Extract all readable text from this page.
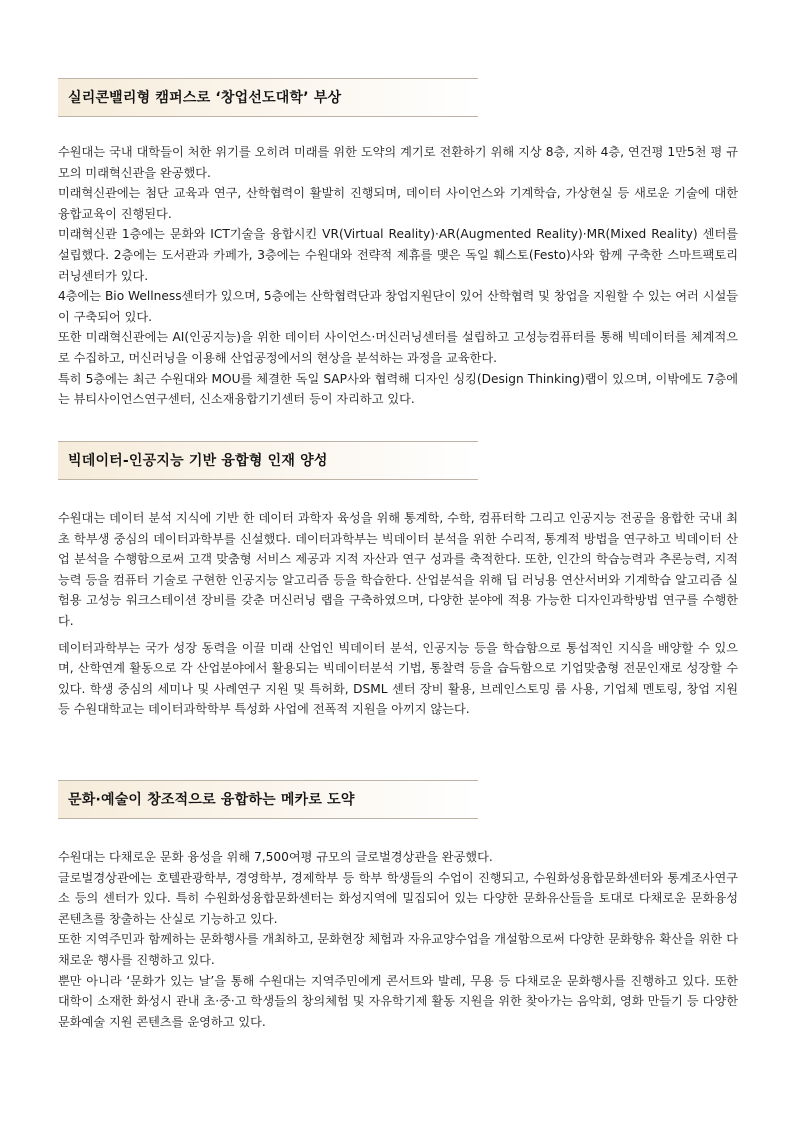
실리콘밸리형 캠퍼스로 ‘창업선도대학’ 부상

수원대는 국내 대학들이 처한 위기를 오히려 미래를 위한 도약의 계기로 전환하기 위해 지상 8층, 지하 4층, 연건평 1만5천 평 규모의 미래혁신관을 완공했다.

미래혁신관에는 첨단 교육과 연구, 산학협력이 활발히 진행되며, 데이터 사이언스와 기계학습, 가상현실 등 새로운 기술에 대한 융합교육이 진행된다.

미래혁신관 1층에는 문화와 ICT기술을 융합시킨 VR(Virtual Reality)·AR(Augmented Reality)·MR(Mixed Reality) 센터를 설립했다. 2층에는 도서관과 카페가, 3층에는 수원대와 전략적 제휴를 맺은 독일 훼스토(Festo)사와 함께 구축한 스마트팩토리러닝센터가 있다.

4층에는 Bio Wellness센터가 있으며, 5층에는 산학협력단과 창업지원단이 있어 산학협력 및 창업을 지원할 수 있는 여러 시설들이 구축되어 있다.

또한 미래혁신관에는 AI(인공지능)을 위한 데이터 사이언스·머신러닝센터를 설립하고 고성능컴퓨터를 통해 빅데이터를 체계적으로 수집하고, 머신러닝을 이용해 산업공정에서의 현상을 분석하는 과정을 교육한다.

특히 5층에는 최근 수원대와 MOU를 체결한 독일 SAP사와 협력해 디자인 싱킹(Design Thinking)랩이 있으며, 이밖에도 7층에는 뷰티사이언스연구센터, 신소재융합기기센터 등이 자리하고 있다.

빅데이터-인공지능 기반 융합형 인재 양성

수원대는 데이터 분석 지식에 기반 한 데이터 과학자 육성을 위해 통계학, 수학, 컴퓨터학 그리고 인공지능 전공을 융합한 국내 최초 학부생 중심의 데이터과학부를 신설했다. 데이터과학부는 빅데이터 분석을 위한 수리적, 통계적 방법을 연구하고 빅데이터 산업 분석을 수행함으로써 고객 맞춤형 서비스 제공과 지적 자산과 연구 성과를 축적한다. 또한, 인간의 학습능력과 추론능력, 지적능력 등을 컴퓨터 기술로 구현한 인공지능 알고리즘 등을 학습한다. 산업분석을 위해 딥 러닝용 연산서버와 기계학습 알고리즘 실험용 고성능 워크스테이션 장비를 갖춘 머신러닝 랩을 구축하였으며, 다양한 분야에 적용 가능한 디자인과학방법 연구를 수행한다.

데이터과학부는 국가 성장 동력을 이끌 미래 산업인 빅데이터 분석, 인공지능 등을 학습함으로 통섭적인 지식을 배양할 수 있으며, 산학연계 활동으로 각 산업분야에서 활용되는 빅데이터분석 기법, 통찰력 등을 습득함으로 기업맞춤형 전문인재로 성장할 수 있다. 학생 중심의 세미나 및 사례연구 지원 및 특허화, DSML 센터 장비 활용, 브레인스토밍 룸 사용, 기업체 멘토링, 창업 지원 등 수원대학교는 데이터과학학부 특성화 사업에 전폭적 지원을 아끼지 않는다.

문화·예술이 창조적으로 융합하는 메카로 도약

수원대는 다채로운 문화 융성을 위해 7,500여평 규모의 글로벌경상관을 완공했다.

글로벌경상관에는 호텔관광학부, 경영학부, 경제학부 등 학부 학생들의 수업이 진행되고, 수원화성융합문화센터와 통계조사연구소 등의 센터가 있다. 특히 수원화성융합문화센터는 화성지역에 밀집되어 있는 다양한 문화유산들을 토대로 다채로운 문화융성 콘텐츠를 창출하는 산실로 기능하고 있다.

또한 지역주민과 함께하는 문화행사를 개최하고, 문화현장 체험과 자유교양수업을 개설함으로써 다양한 문화향유 확산을 위한 다채로운 행사를 진행하고 있다.

뿐만 아니라 ‘문화가 있는 날’을 통해 수원대는 지역주민에게 콘서트와 발레, 무용 등 다채로운 문화행사를 진행하고 있다. 또한 대학이 소재한 화성시 관내 초·중·고 학생들의 창의체험 및 자유학기제 활동 지원을 위한 찾아가는 음악회, 영화 만들기 등 다양한 문화예술 지원 콘텐츠를 운영하고 있다.
